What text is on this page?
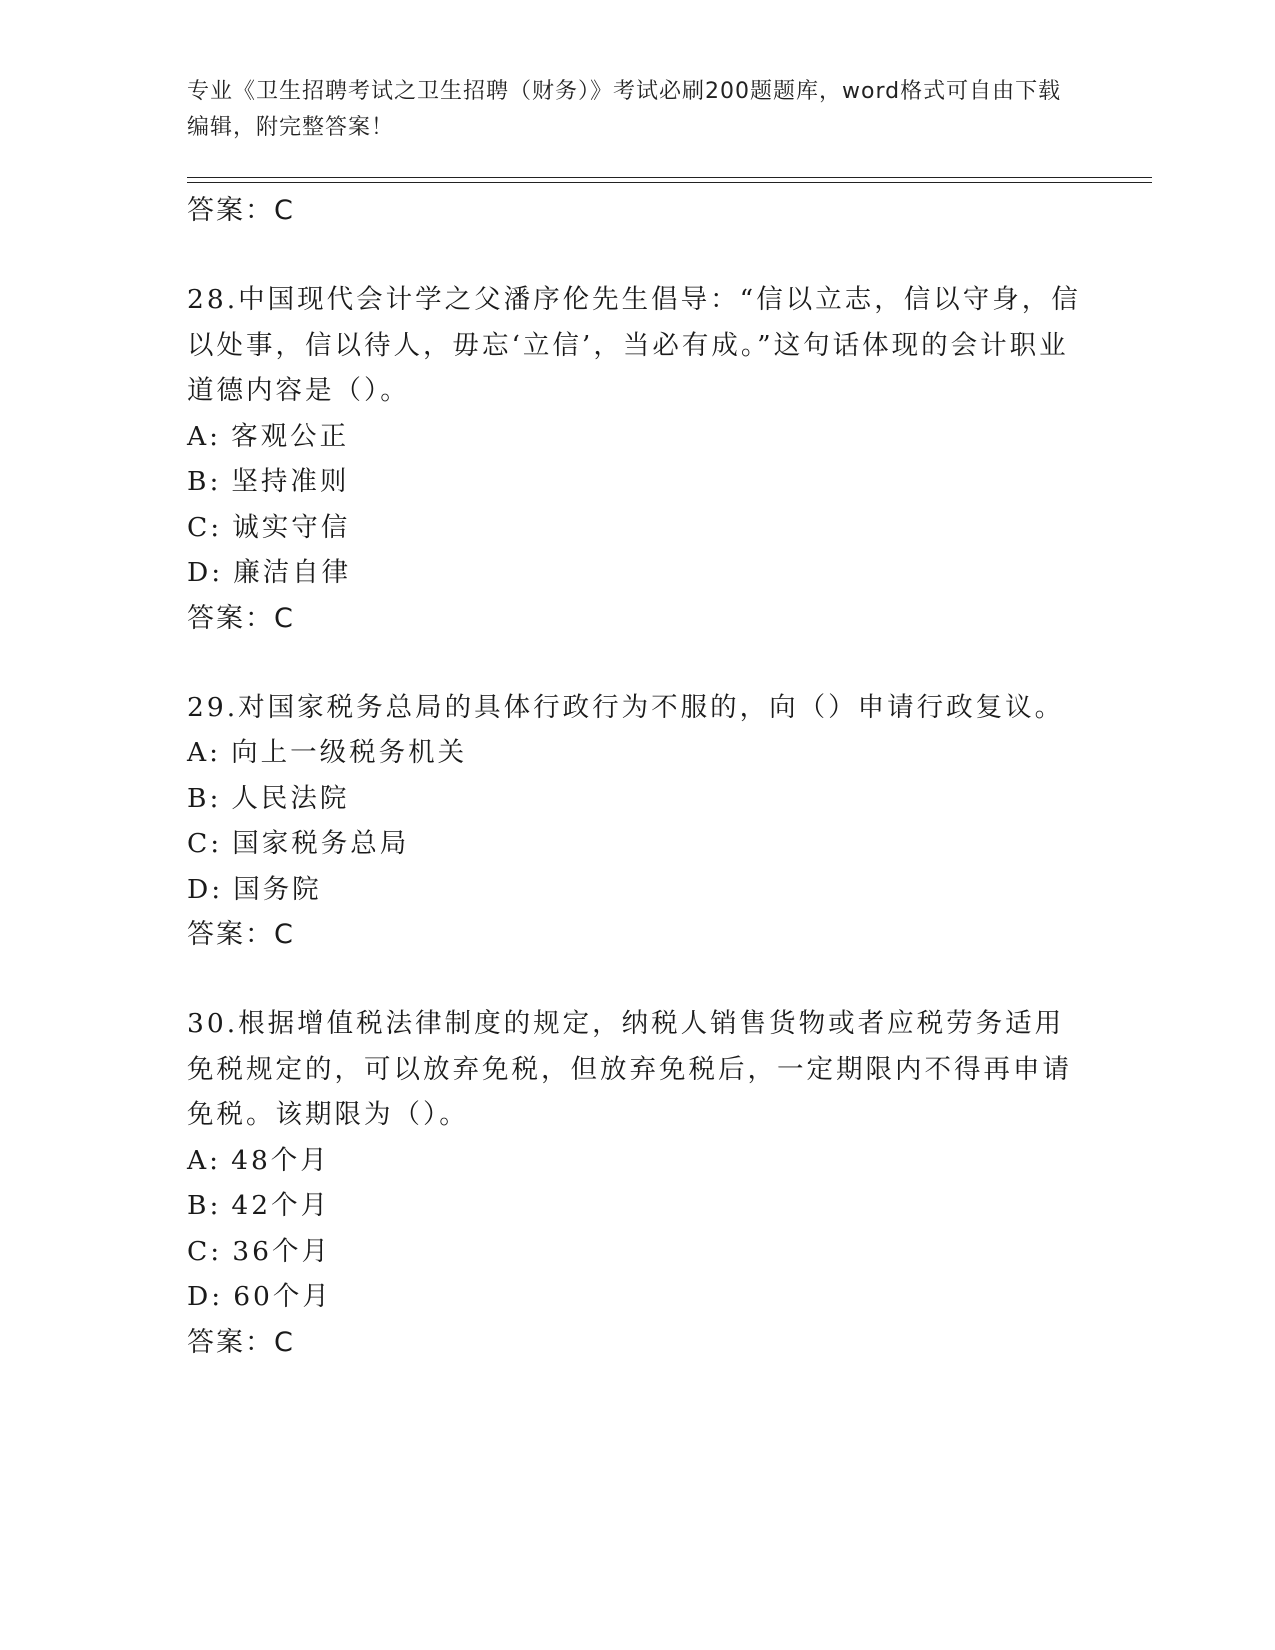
专业《卫生招聘考试之卫生招聘（财务）》考试必刷200题题库，word格式可自由下载编辑，附完整答案！

答案：C

28.中国现代会计学之父潘序伦先生倡导：“信以立志，信以守身，信以处事，信以待人，毋忘‘立信’，当必有成。”这句话体现的会计职业道德内容是（）。

A: 客观公正

B: 坚持准则

C: 诚实守信

D: 廉洁自律

答案：C

29.对国家税务总局的具体行政行为不服的，向（）申请行政复议。

A: 向上一级税务机关

B: 人民法院

C: 国家税务总局

D: 国务院

答案：C

30.根据增值税法律制度的规定，纳税人销售货物或者应税劳务适用免税规定的，可以放弃免税，但放弃免税后，一定期限内不得再申请免税。该期限为（）。

A: 48个月

B: 42个月

C: 36个月

D: 60个月

答案：C
